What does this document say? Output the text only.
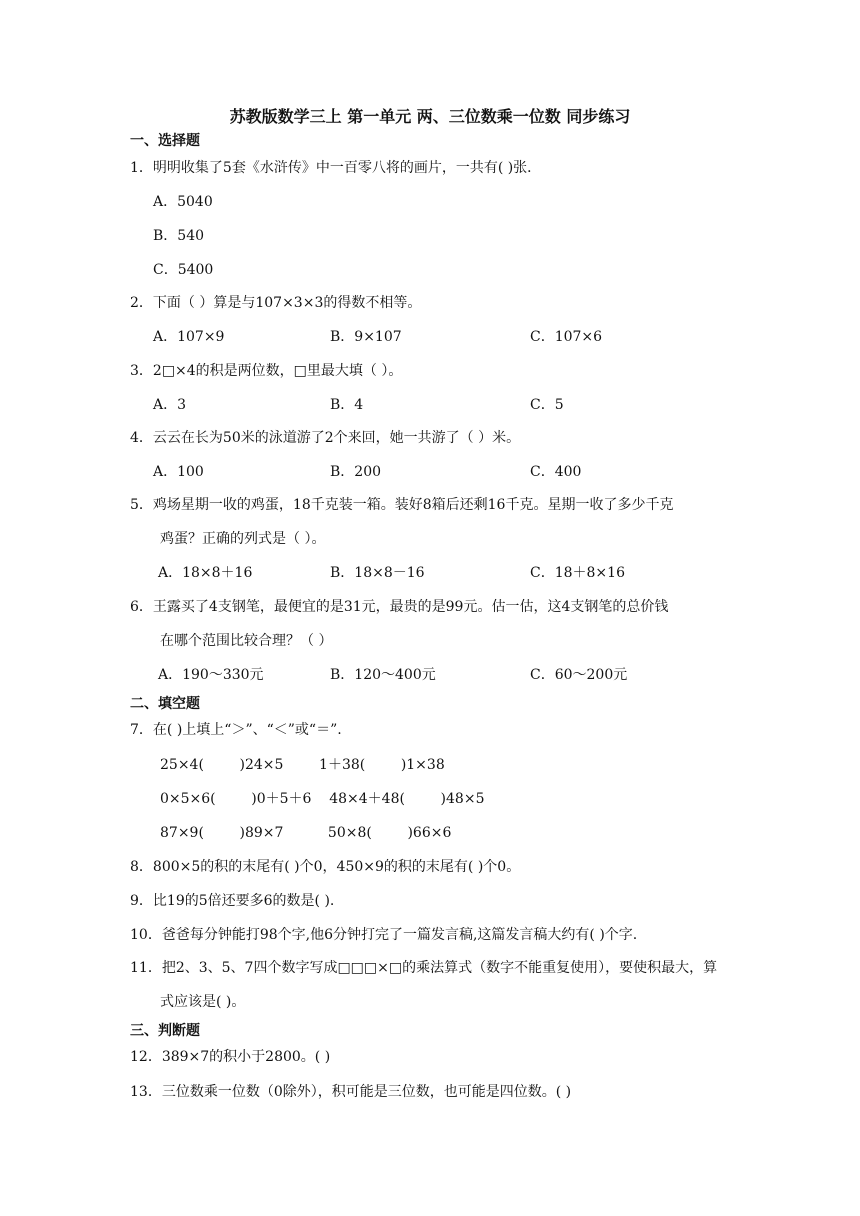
苏教版数学三上 第一单元 两、三位数乘一位数 同步练习
一、选择题
1．明明收集了5套《水浒传》中一百零八将的画片，一共有( )张．
A．5040
B．540
C．5400
2．下面（ ）算是与107×3×3的得数不相等。
A．107×9	B．9×107	C．107×6
3．2□×4的积是两位数，□里最大填（ ）。
A．3	B．4	C．5
4．云云在长为50米的泳道游了2个来回，她一共游了（ ）米。
A．100	B．200	C．400
5．鸡场星期一收的鸡蛋，18千克装一箱。装好8箱后还剩16千克。星期一收了多少千克
鸡蛋？正确的列式是（ ）。
A．18×8＋16	B．18×8－16	C．18＋8×16
6．王露买了4支钢笔，最便宜的是31元，最贵的是99元。估一估，这4支钢笔的总价钱
在哪个范围比较合理？（ ）
A．190～330元	B．120～400元	C．60～200元
二、填空题
7．在( )上填上“＞”、“＜”或“＝”.
25×4(        )24×5        1＋38(        )1×38
0×5×6(        )0＋5＋6    48×4＋48(        )48×5
87×9(        )89×7          50×8(        )66×6
8．800×5的积的末尾有( )个0，450×9的积的末尾有( )个0。
9．比19的5倍还要多6的数是( ).
10．爸爸每分钟能打98个字,他6分钟打完了一篇发言稿,这篇发言稿大约有( )个字.
11．把2、3、5、7四个数字写成□□□×□的乘法算式（数字不能重复使用），要使积最大，算
式应该是( )。
三、判断题
12．389×7的积小于2800。( )
13．三位数乘一位数（0除外），积可能是三位数，也可能是四位数。( )
